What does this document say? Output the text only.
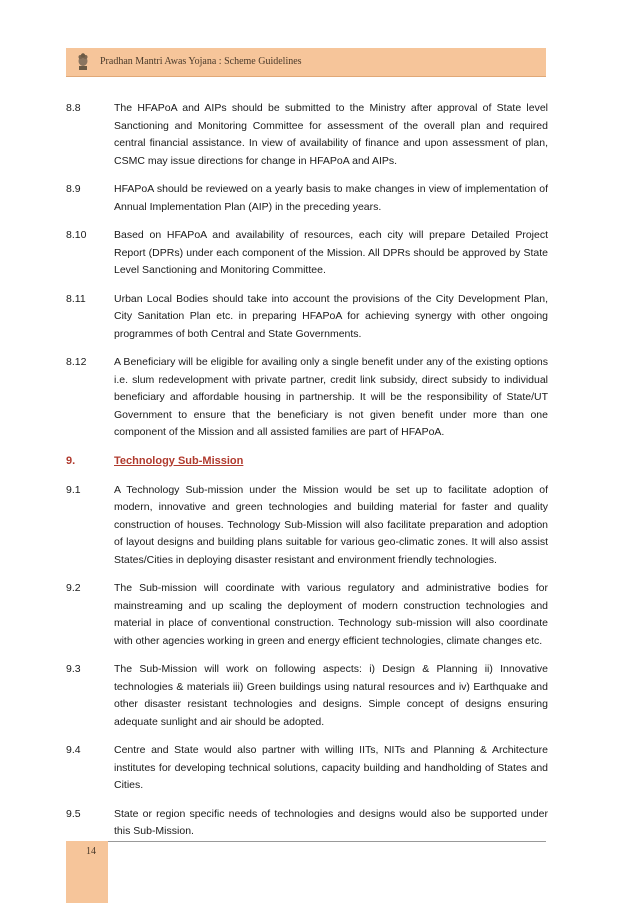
Pradhan Mantri Awas Yojana : Scheme Guidelines
8.8	The HFAPoA and AIPs should be submitted to the Ministry after approval of State level Sanctioning and Monitoring Committee for assessment of the overall plan and required central financial assistance. In view of availability of finance and upon assessment of plan, CSMC may issue directions for change in HFAPoA and AIPs.
8.9	HFAPoA should be reviewed on a yearly basis to make changes in view of implementation of Annual Implementation Plan (AIP) in the preceding years.
8.10	Based on HFAPoA and availability of resources, each city will prepare Detailed Project Report (DPRs) under each component of the Mission. All DPRs should be approved by State Level Sanctioning and Monitoring Committee.
8.11	Urban Local Bodies should take into account the provisions of the City Development Plan, City Sanitation Plan etc. in preparing HFAPoA for achieving synergy with other ongoing programmes of both Central and State Governments.
8.12	A Beneficiary will be eligible for availing only a single benefit under any of the existing options i.e. slum redevelopment with private partner, credit link subsidy, direct subsidy to individual beneficiary and affordable housing in partnership. It will be the responsibility of State/UT Government to ensure that the beneficiary is not given benefit under more than one component of the Mission and all assisted families are part of HFAPoA.
9.	Technology Sub-Mission
9.1	A Technology Sub-mission under the Mission would be set up to facilitate adoption of modern, innovative and green technologies and building material for faster and quality construction of houses. Technology Sub-Mission will also facilitate preparation and adoption of layout designs and building plans suitable for various geo-climatic zones. It will also assist States/Cities in deploying disaster resistant and environment friendly technologies.
9.2	The Sub-mission will coordinate with various regulatory and administrative bodies for mainstreaming and up scaling the deployment of modern construction technologies and material in place of conventional construction. Technology sub-mission will also coordinate with other agencies working in green and energy efficient technologies, climate changes etc.
9.3	The Sub-Mission will work on following aspects: i) Design & Planning ii) Innovative technologies & materials iii) Green buildings using natural resources and iv) Earthquake and other disaster resistant technologies and designs. Simple concept of designs ensuring adequate sunlight and air should be adopted.
9.4	Centre and State would also partner with willing IITs, NITs and Planning & Architecture institutes for developing technical solutions, capacity building and handholding of States and Cities.
9.5	State or region specific needs of technologies and designs would also be supported under this Sub-Mission.
14
